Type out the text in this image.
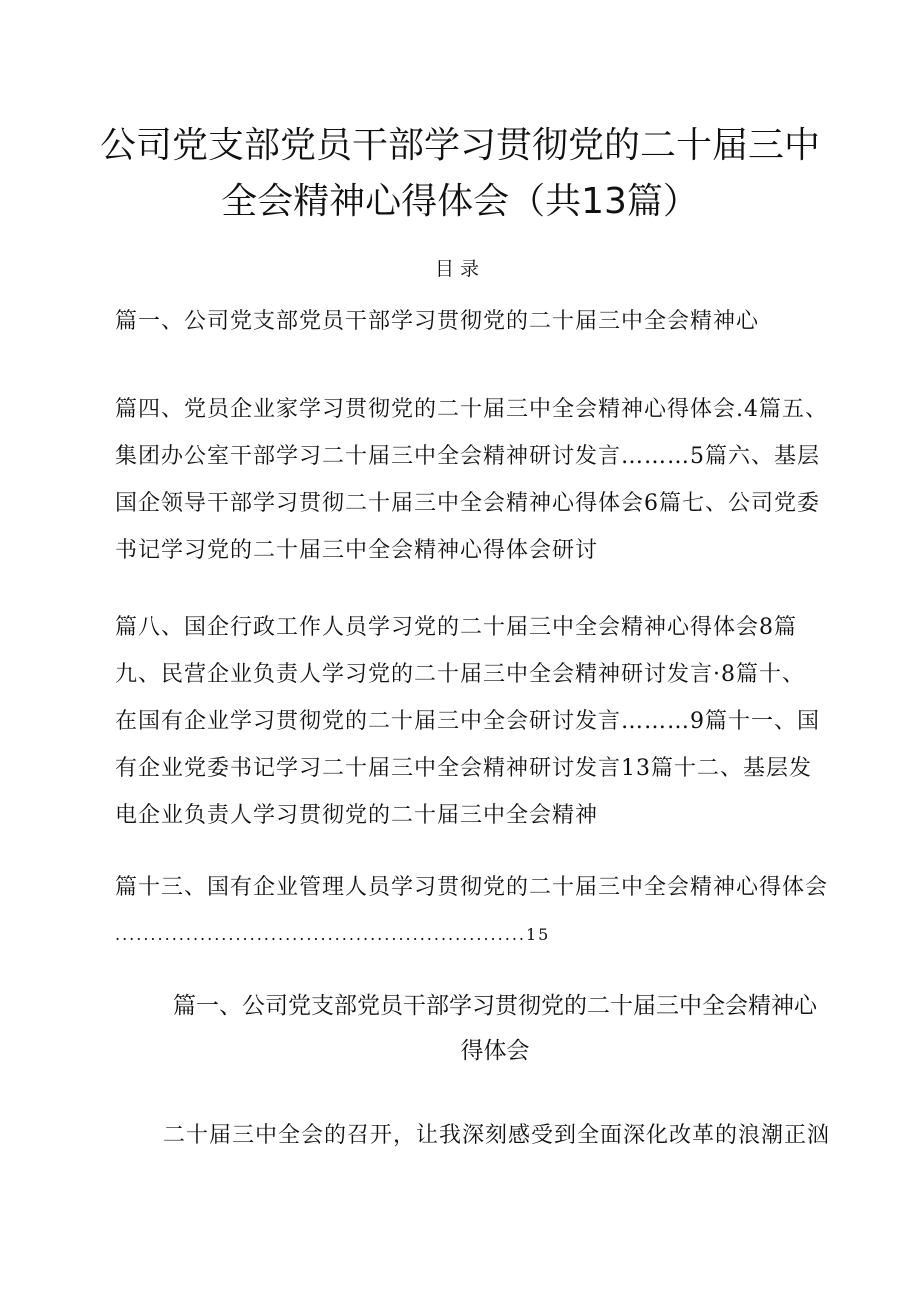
公司党支部党员干部学习贯彻党的二十届三中
全会精神心得体会（共13篇）
目录
篇一、公司党支部党员干部学习贯彻党的二十届三中全会精神心
篇四、党员企业家学习贯彻党的二十届三中全会精神心得体会.4篇五、
集团办公室干部学习二十届三中全会精神研讨发言………5篇六、基层
国企领导干部学习贯彻二十届三中全会精神心得体会6篇七、公司党委
书记学习党的二十届三中全会精神心得体会研讨
篇八、国企行政工作人员学习党的二十届三中全会精神心得体会8篇
九、民营企业负责人学习党的二十届三中全会精神研讨发言·8篇十、
在国有企业学习贯彻党的二十届三中全会研讨发言………9篇十一、国
有企业党委书记学习二十届三中全会精神研讨发言13篇十二、基层发
电企业负责人学习贯彻党的二十届三中全会精神
篇十三、国有企业管理人员学习贯彻党的二十届三中全会精神心得体会
..........................................................15
篇一、公司党支部党员干部学习贯彻党的二十届三中全会精神心
得体会
二十届三中全会的召开，让我深刻感受到全面深化改革的浪潮正汹
